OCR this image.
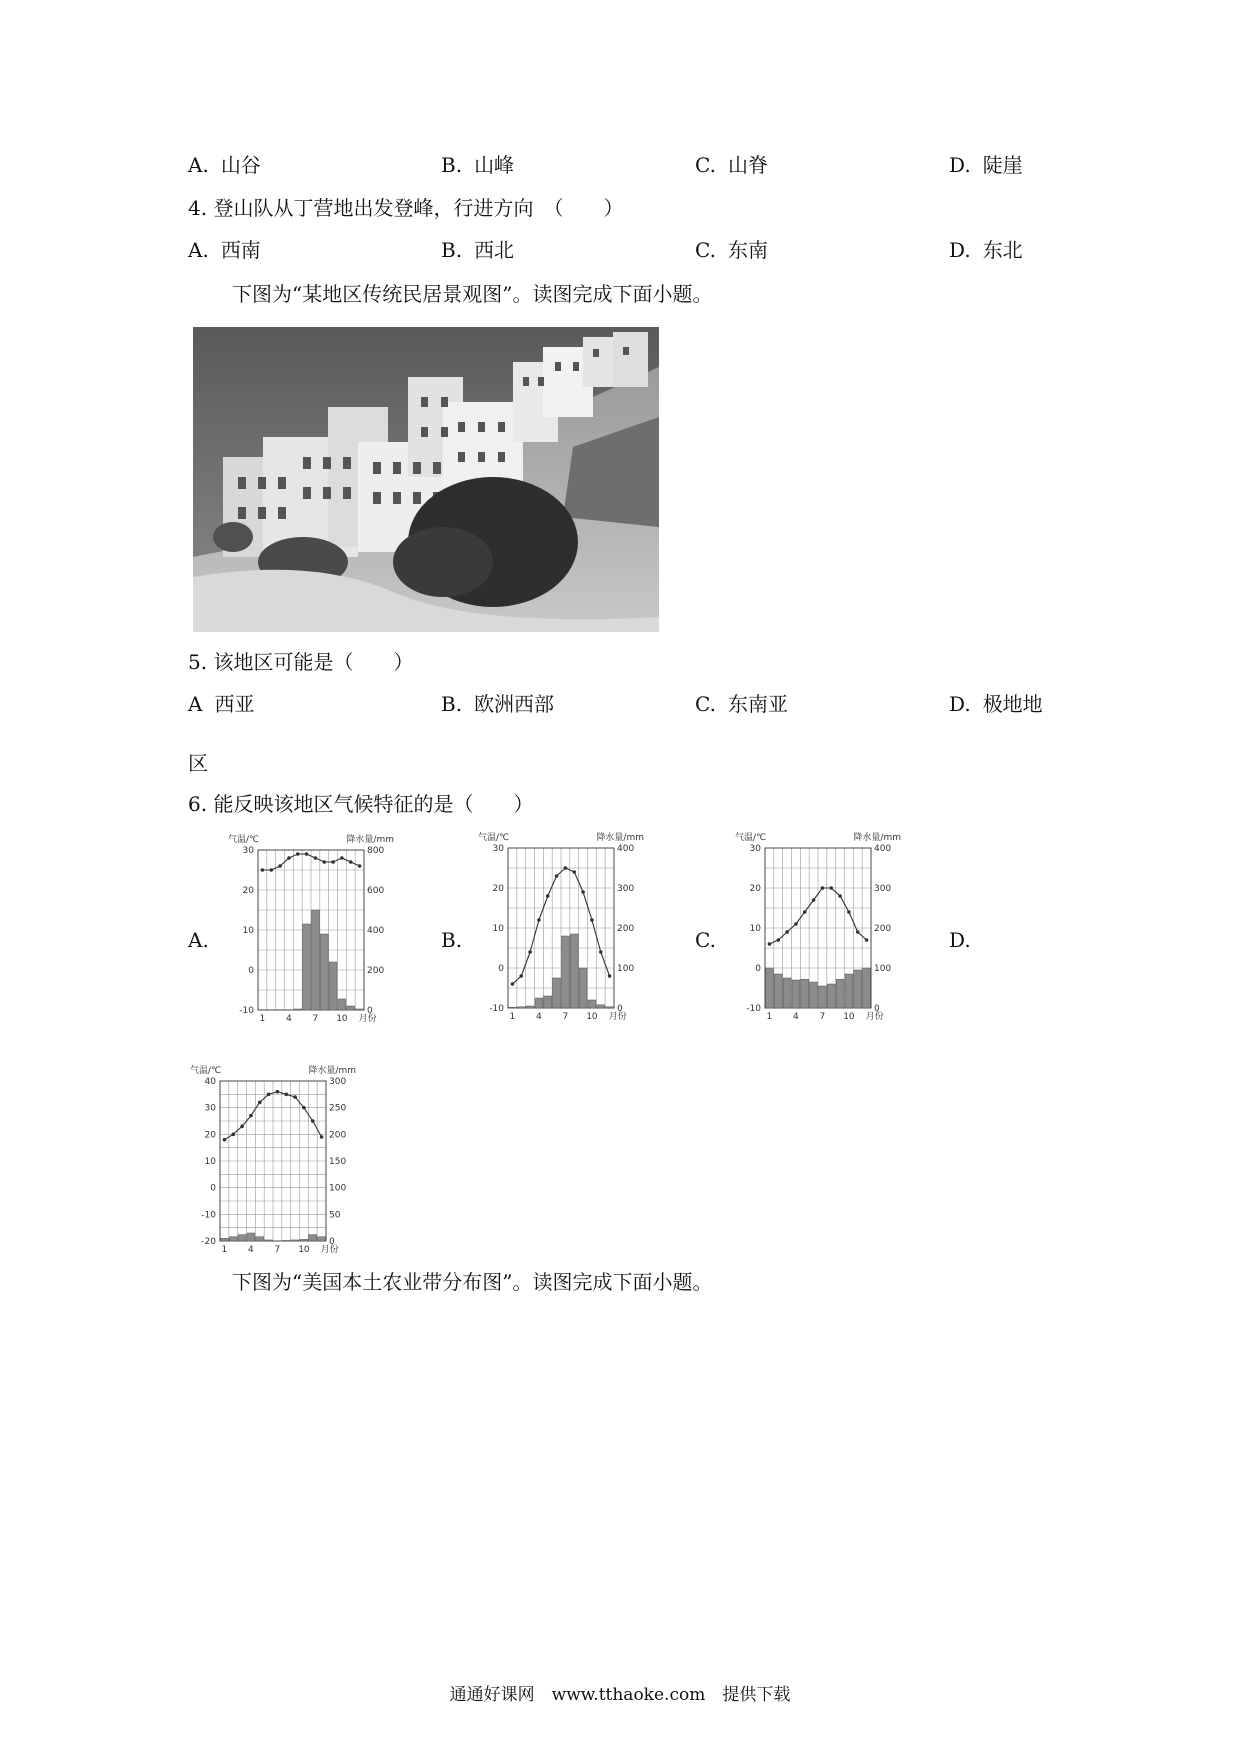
A. 山谷	B. 山峰	C. 山脊	D. 陡崖
4. 登山队从丁营地出发登峰，行进方向　（　　）
A. 西南	B. 西北	C. 东南	D. 东北
下图为“某地区传统民居景观图”。读图完成下面小题。
5. 该地区可能是（　　）
A 西亚	B. 欧洲西部	C. 东南亚	D. 极地地
区
6. 能反映该地区气候特征的是（　　）
A.	B.	C.	D.
气温/℃	降水量/mm
-10
0
10
20
30
0
200
400
600
800
1 4 7 10 月份
气温/℃	降水量/mm
-10
0
10
20
30
0
100
200
300
400
1 4 7 10 月份
气温/℃	降水量/mm
-10
0
10
20
30
0
100
200
300
400
1 4 7 10 月份
气温/℃	降水量/mm
-20
-10
0
10
20
30
40
0
50
100
150
200
250
300
1 4 7 10 月份
下图为“美国本土农业带分布图”。读图完成下面小题。
通通好课网　www.tthaoke.com　提供下载
